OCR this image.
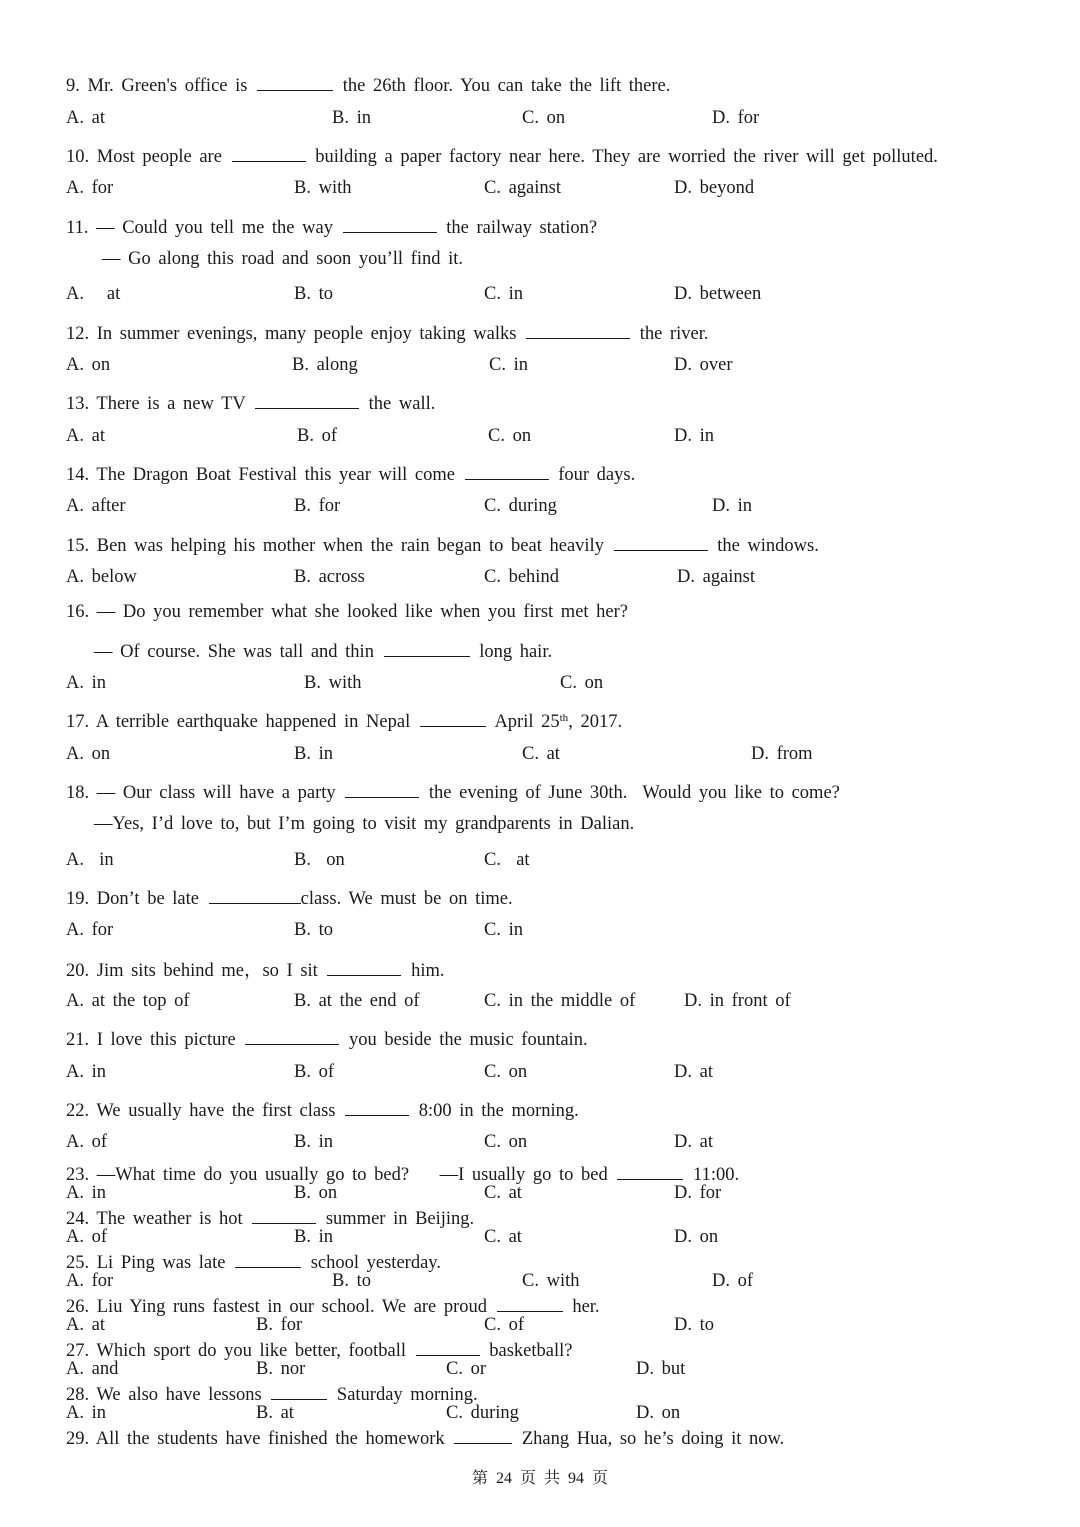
9. Mr. Green's office is	the 26th floor. You can take the lift there.
A. at	B. in	C. on	D. for
10. Most people are	building a paper factory near here. They are worried the river will get polluted.
A. for	B. with	C. against	D. beyond
11. — Could you tell me the way	the railway station?
— Go along this road and soon you’ll find it.
A.   at	B. to	C. in	D. between
12. In summer evenings, many people enjoy taking walks	the river.
A. on	B. along	C. in	D. over
13. There is a new TV	the wall.
A. at	B. of	C. on	D. in
14. The Dragon Boat Festival this year will come	four days.
A. after	B. for	C. during	D. in
15. Ben was helping his mother when the rain began to beat heavily	the windows.
A. below	B. across	C. behind	D. against
16. — Do you remember what she looked like when you first met her?
— Of course. She was tall and thin	long hair.
A. in	B. with	C. on
17. A terrible earthquake happened in Nepal	April 25th, 2017.
A. on	B. in	C. at	D. from
18. — Our class will have a party	the evening of June 30th.  Would you like to come?
—Yes, I’d love to, but I’m going to visit my grandparents in Dalian.
A.  in	B.  on	C.  at
19. Don’t be late	class. We must be on time.
A. for	B. to	C. in
20. Jim sits behind me，so I sit	him.
A. at the top of	B. at the end of	C. in the middle of	D. in front of
21. I love this picture	you beside the music fountain.
A. in	B. of	C. on	D. at
22. We usually have the first class	8:00 in the morning.
A. of	B. in	C. on	D. at
23. —What time do you usually go to bed?    —I usually go to bed	11:00.
A. in	B. on	C. at	D. for
24. The weather is hot	summer in Beijing.
A. of	B. in	C. at	D. on
25. Li Ping was late	school yesterday.
A. for	B. to	C. with	D. of
26. Liu Ying runs fastest in our school. We are proud	her.
A. at	B. for	C. of	D. to
27. Which sport do you like better, football	basketball?
A. and	B. nor	C. or	D. but
28. We also have lessons	Saturday morning.
A. in	B. at	C. during	D. on
29. All the students have finished the homework	Zhang Hua, so he’s doing it now.
第 24 页 共 94 页
